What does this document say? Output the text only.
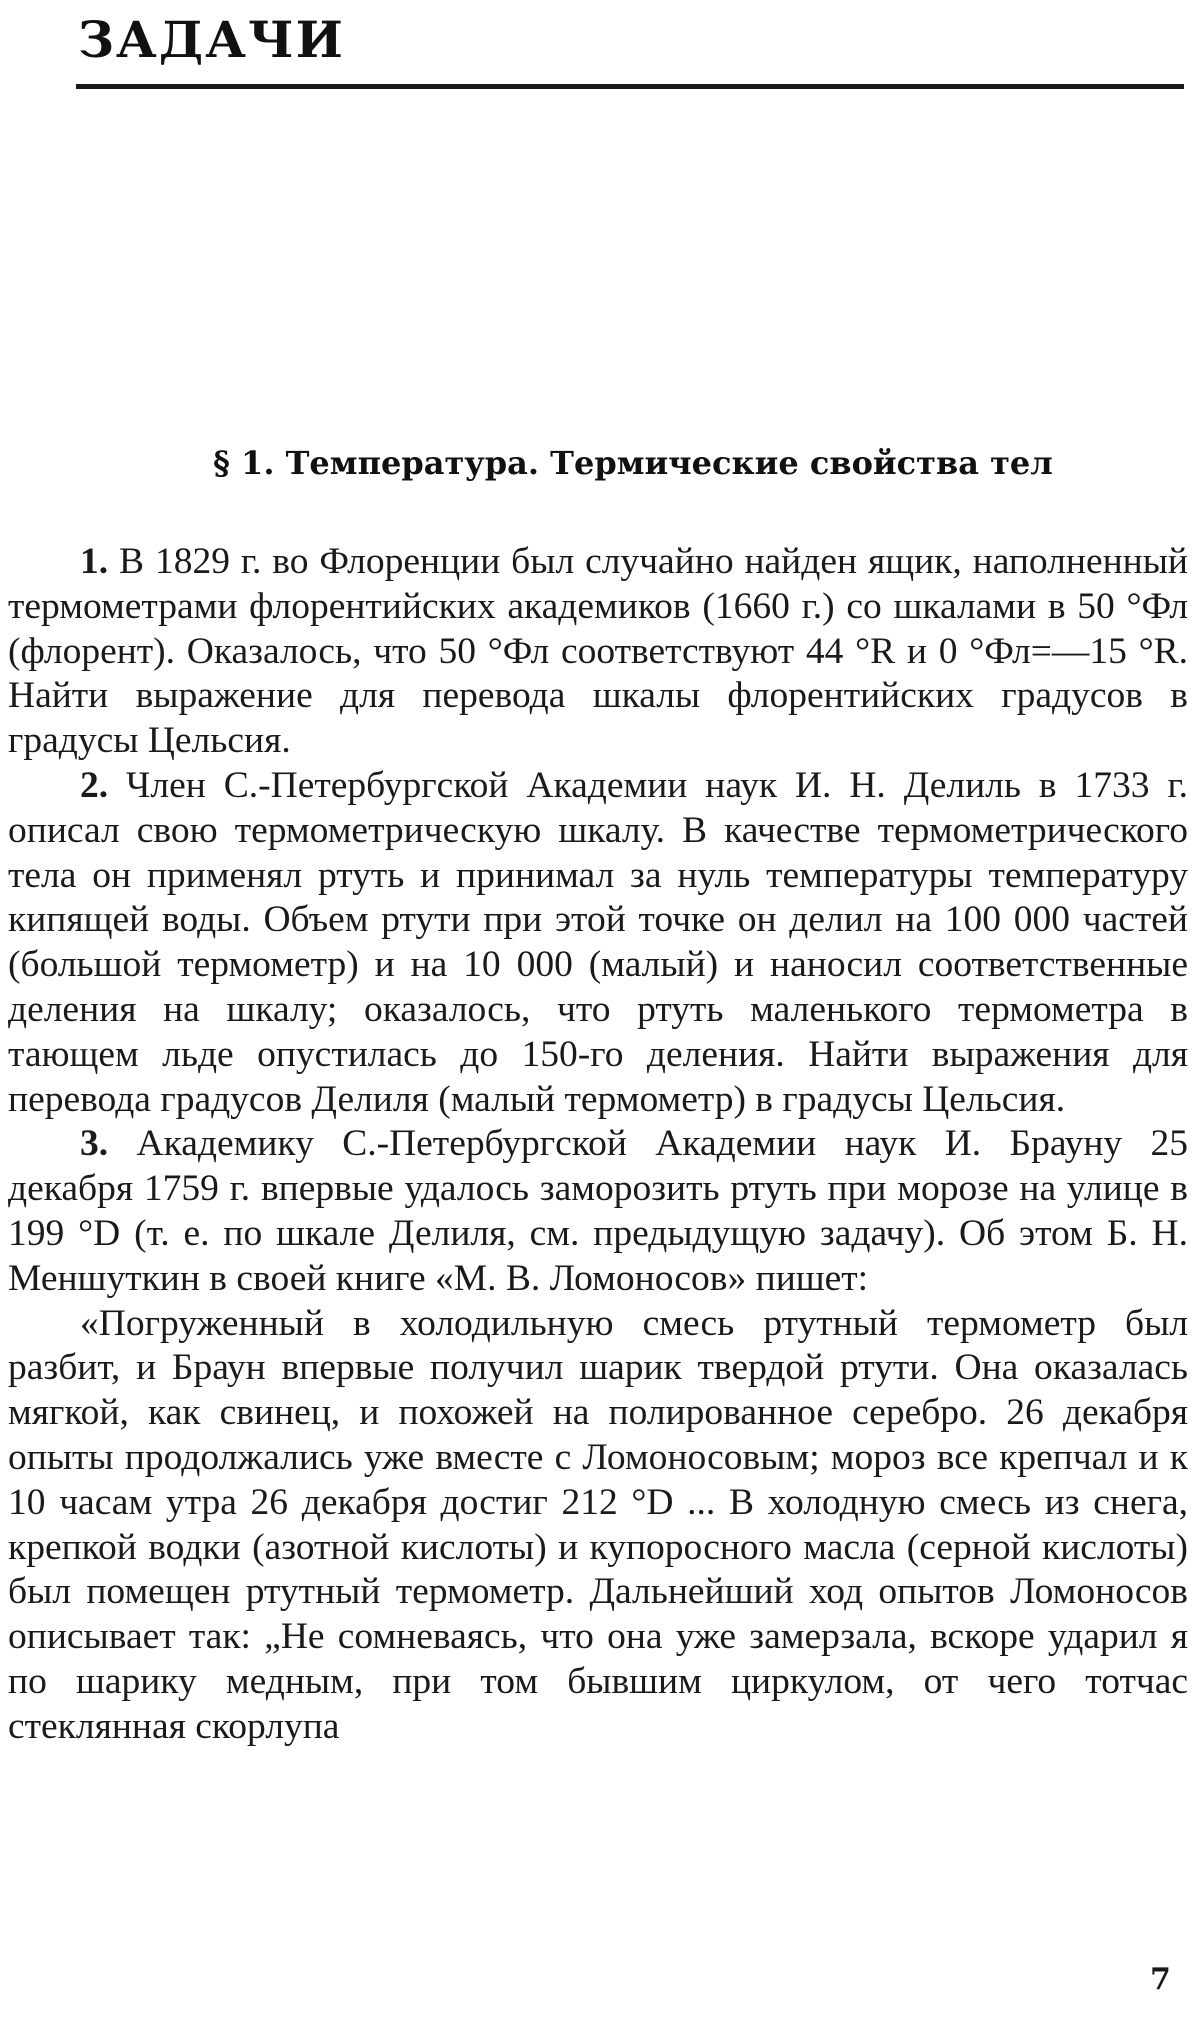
ЗАДАЧИ
§ 1. Температура. Термические свойства тел

1. В 1829 г. во Флоренции был случайно найден ящик, наполненный термометрами флорентийских академиков (1660 г.) со шкалами в 50 °Фл (флорент). Оказалось, что 50 °Фл соответствуют 44 °R и 0 °Фл=—15 °R. Найти выражение для перевода шкалы флорентийских градусов в градусы Цельсия.

2. Член С.-Петербургской Академии наук И. Н. Делиль в 1733 г. описал свою термометрическую шкалу. В качестве термометрического тела он применял ртуть и принимал за нуль температуры температуру кипящей воды. Объем ртути при этой точке он делил на 100 000 частей (большой термометр) и на 10 000 (малый) и наносил соответственные деления на шкалу; оказалось, что ртуть маленького термометра в тающем льде опустилась до 150-го деления. Найти выражения для перевода градусов Делиля (малый термометр) в градусы Цельсия.

3. Академику С.-Петербургской Академии наук И. Брауну 25 декабря 1759 г. впервые удалось заморозить ртуть при морозе на улице в 199 °D (т. е. по шкале Делиля, см. предыдущую задачу). Об этом Б. Н. Меншуткин в своей книге «М. В. Ломоносов» пишет:

«Погруженный в холодильную смесь ртутный термометр был разбит, и Браун впервые получил шарик твердой ртути. Она оказалась мягкой, как свинец, и похожей на полированное серебро. 26 декабря опыты продолжались уже вместе с Ломоносовым; мороз все крепчал и к 10 часам утра 26 декабря достиг 212 °D ... В холодную смесь из снега, крепкой водки (азотной кислоты) и купоросного масла (серной кислоты) был помещен ртутный термометр. Дальнейший ход опытов Ломоносов описывает так: „Не сомневаясь, что она уже замерзала, вскоре ударил я по шарику медным, при том бывшим циркулом, от чего тотчас стеклянная скорлупа

7
